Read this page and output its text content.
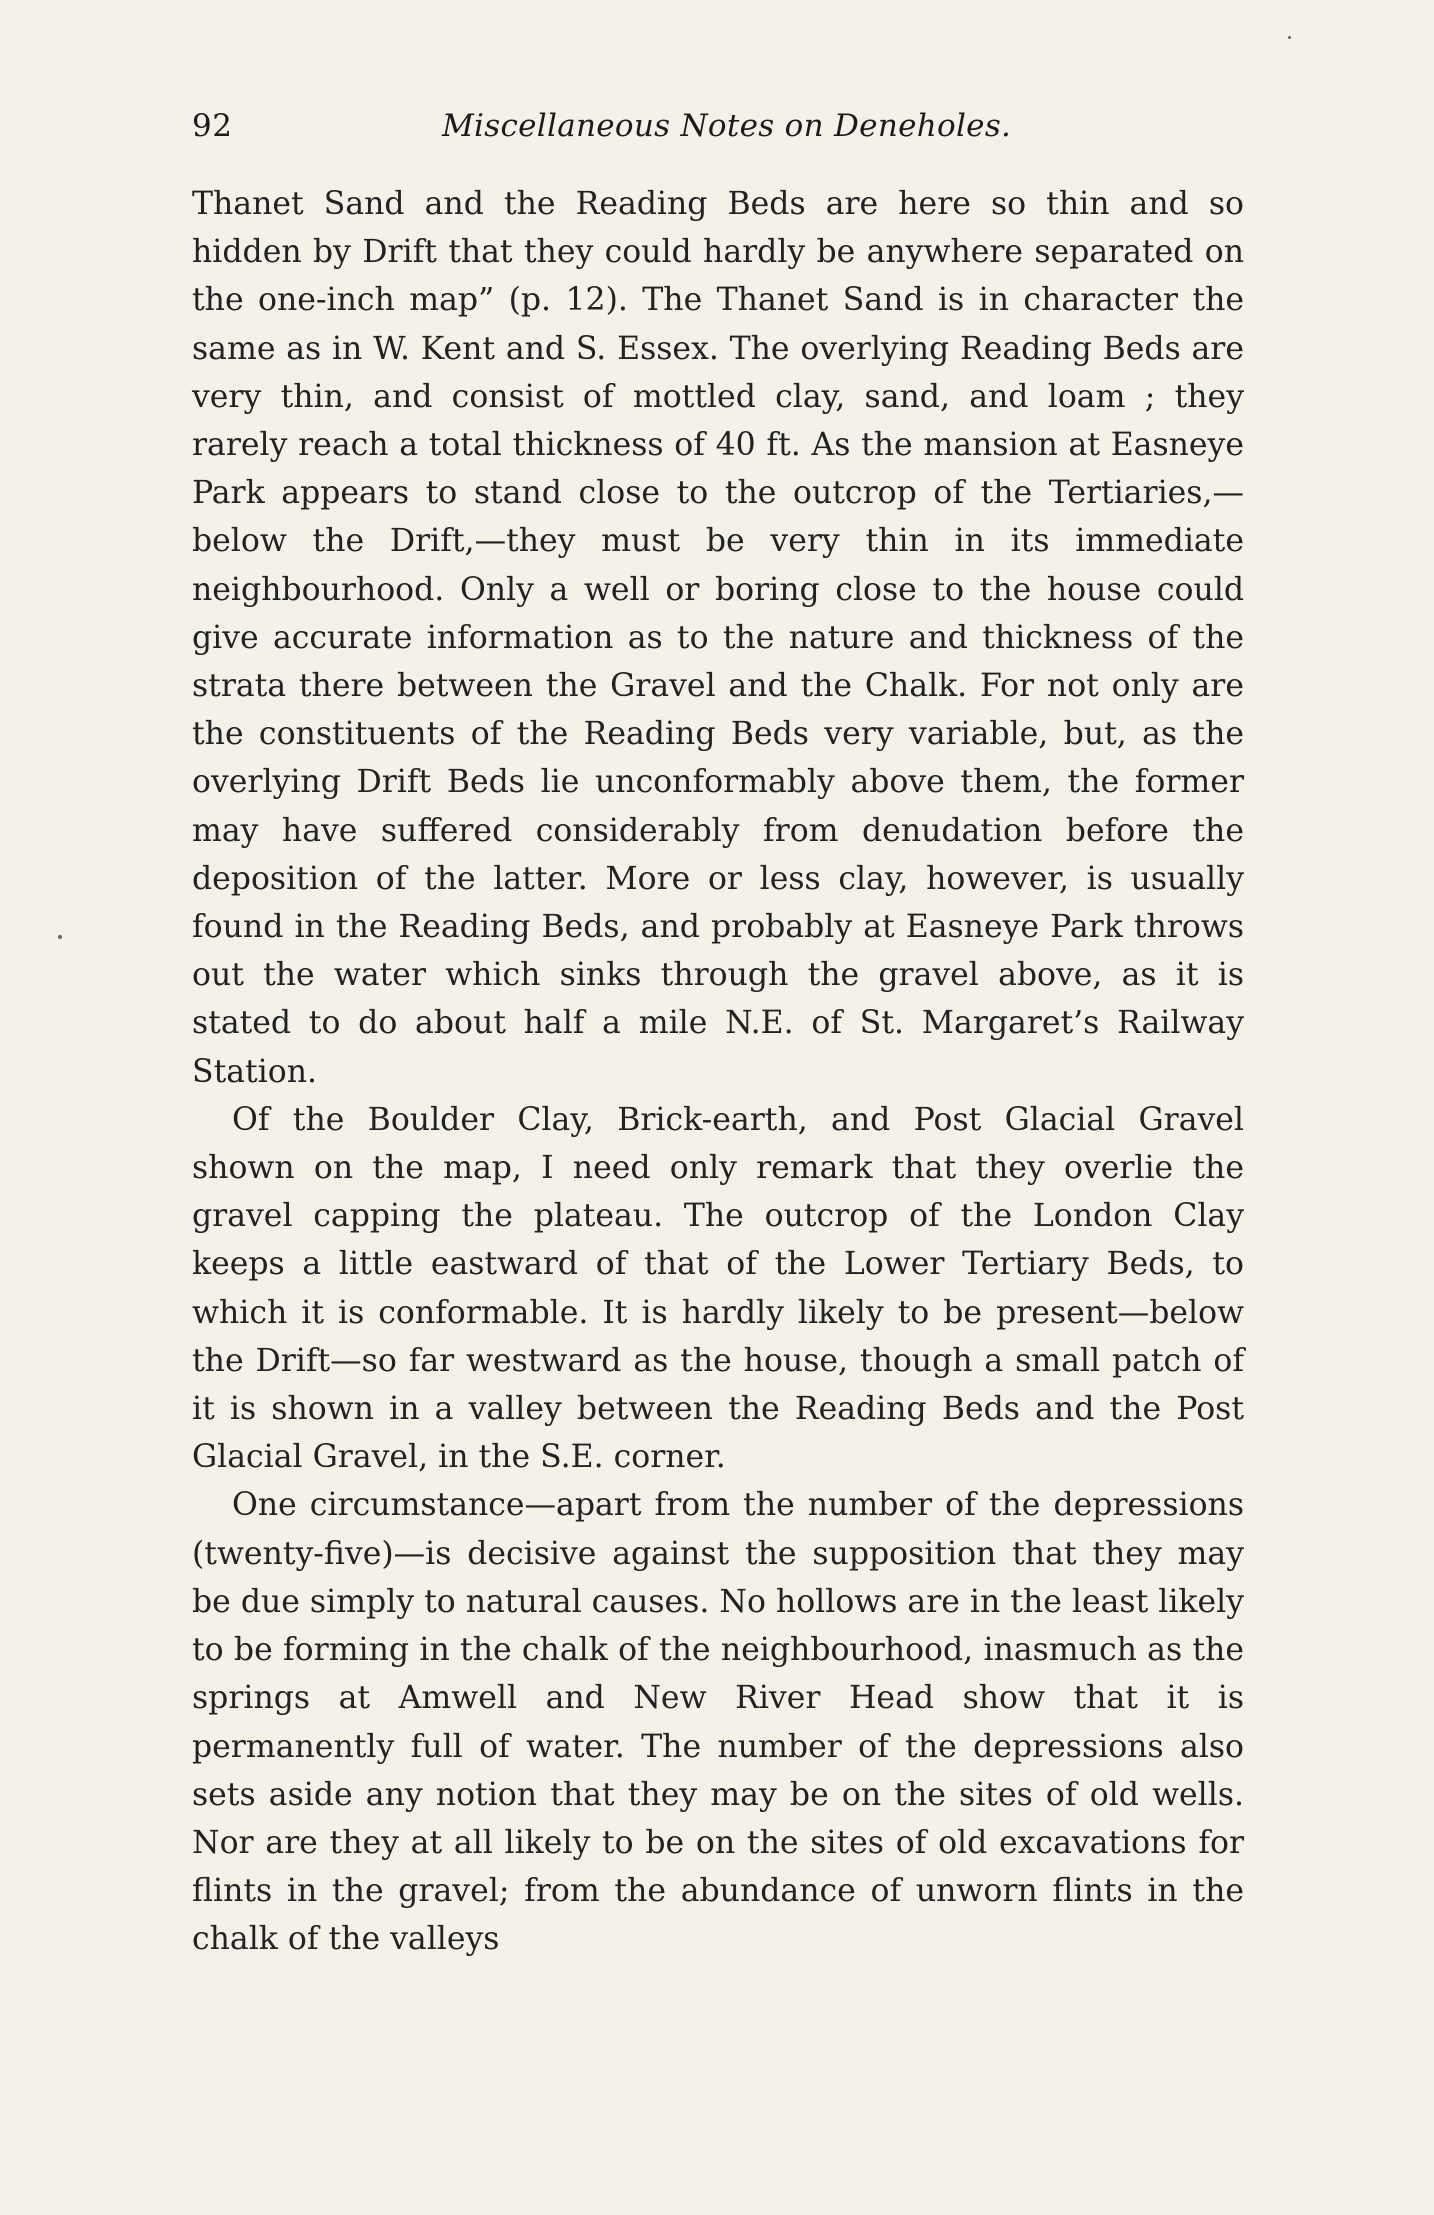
92	Miscellaneous Notes on Deneholes.

Thanet Sand and the Reading Beds are here so thin and so hidden by Drift that they could hardly be anywhere separated on the one-inch map” (p. 12). The Thanet Sand is in character the same as in W. Kent and S. Essex. The overlying Reading Beds are very thin, and consist of mottled clay, sand, and loam ; they rarely reach a total thickness of 40 ft. As the mansion at Easneye Park appears to stand close to the outcrop of the Tertiaries,—below the Drift,—they must be very thin in its immediate neighbourhood. Only a well or boring close to the house could give accurate information as to the nature and thickness of the strata there between the Gravel and the Chalk. For not only are the constituents of the Reading Beds very variable, but, as the overlying Drift Beds lie unconformably above them, the former may have suffered considerably from denudation before the deposition of the latter. More or less clay, however, is usually found in the Reading Beds, and probably at Easneye Park throws out the water which sinks through the gravel above, as it is stated to do about half a mile N.E. of St. Margaret’s Railway Station.

Of the Boulder Clay, Brick-earth, and Post Glacial Gravel shown on the map, I need only remark that they overlie the gravel capping the plateau. The outcrop of the London Clay keeps a little eastward of that of the Lower Tertiary Beds, to which it is conformable. It is hardly likely to be present—below the Drift—so far westward as the house, though a small patch of it is shown in a valley between the Reading Beds and the Post Glacial Gravel, in the S.E. corner.

One circumstance—apart from the number of the depressions (twenty-five)—is decisive against the supposition that they may be due simply to natural causes. No hollows are in the least likely to be forming in the chalk of the neighbourhood, inasmuch as the springs at Amwell and New River Head show that it is permanently full of water. The number of the depressions also sets aside any notion that they may be on the sites of old wells. Nor are they at all likely to be on the sites of old excavations for flints in the gravel; from the abundance of unworn flints in the chalk of the valleys
